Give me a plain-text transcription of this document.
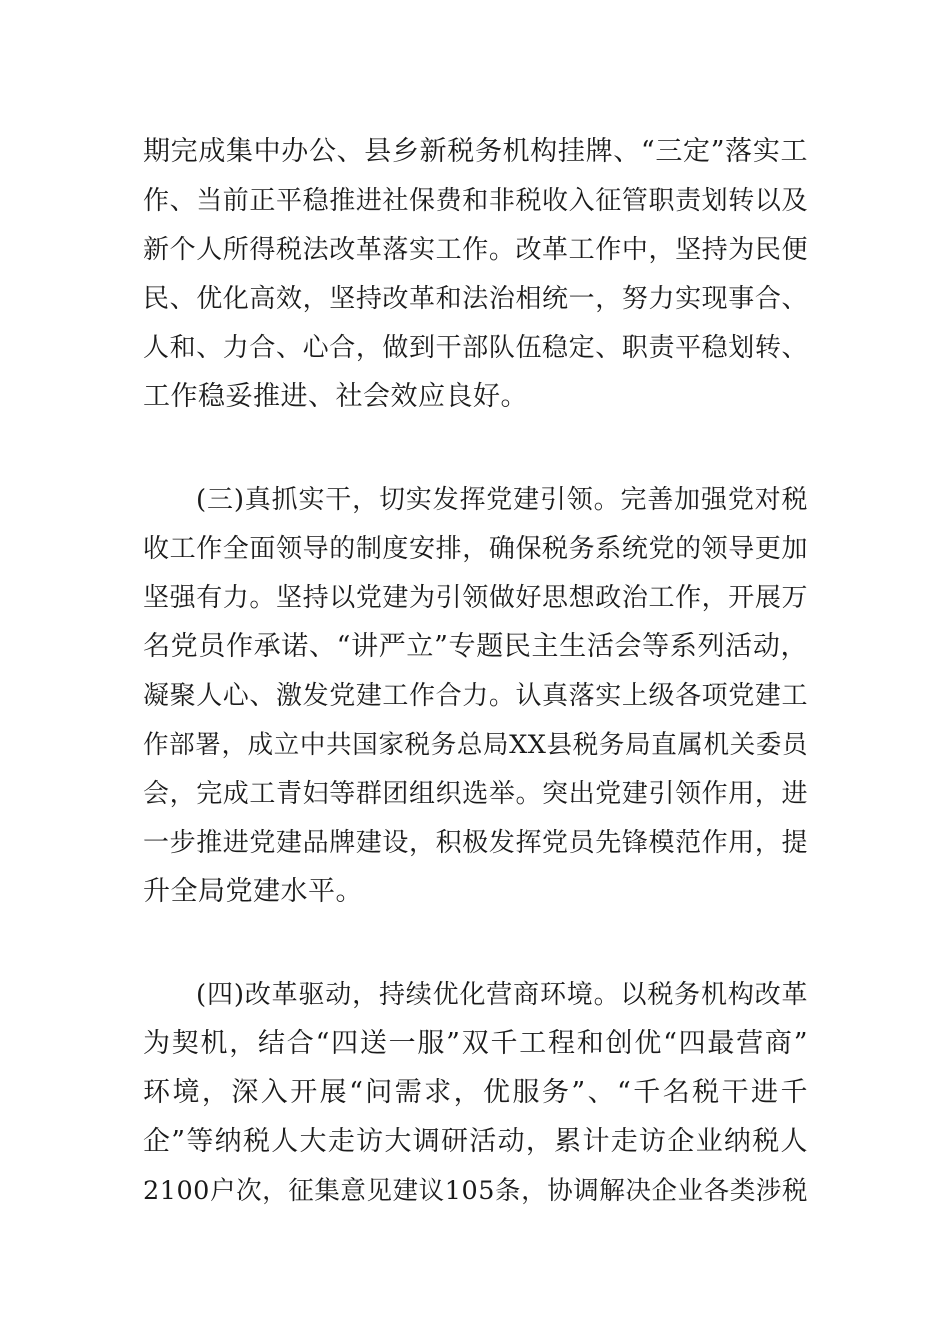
期完成集中办公、县乡新税务机构挂牌、“三定”落实工
作、当前正平稳推进社保费和非税收入征管职责划转以及
新个人所得税法改革落实工作。改革工作中，坚持为民便
民、优化高效，坚持改革和法治相统一，努力实现事合、
人和、力合、心合，做到干部队伍稳定、职责平稳划转、
工作稳妥推进、社会效应良好。
(三)真抓实干，切实发挥党建引领。完善加强党对税
收工作全面领导的制度安排，确保税务系统党的领导更加
坚强有力。坚持以党建为引领做好思想政治工作，开展万
名党员作承诺、“讲严立”专题民主生活会等系列活动，
凝聚人心、激发党建工作合力。认真落实上级各项党建工
作部署，成立中共国家税务总局XX县税务局直属机关委员
会，完成工青妇等群团组织选举。突出党建引领作用，进
一步推进党建品牌建设，积极发挥党员先锋模范作用，提
升全局党建水平。
(四)改革驱动，持续优化营商环境。以税务机构改革
为契机，结合“四送一服”双千工程和创优“四最营商”
环境，深入开展“问需求，优服务”、“千名税干进千
企”等纳税人大走访大调研活动，累计走访企业纳税人
2100户次，征集意见建议105条，协调解决企业各类涉税
